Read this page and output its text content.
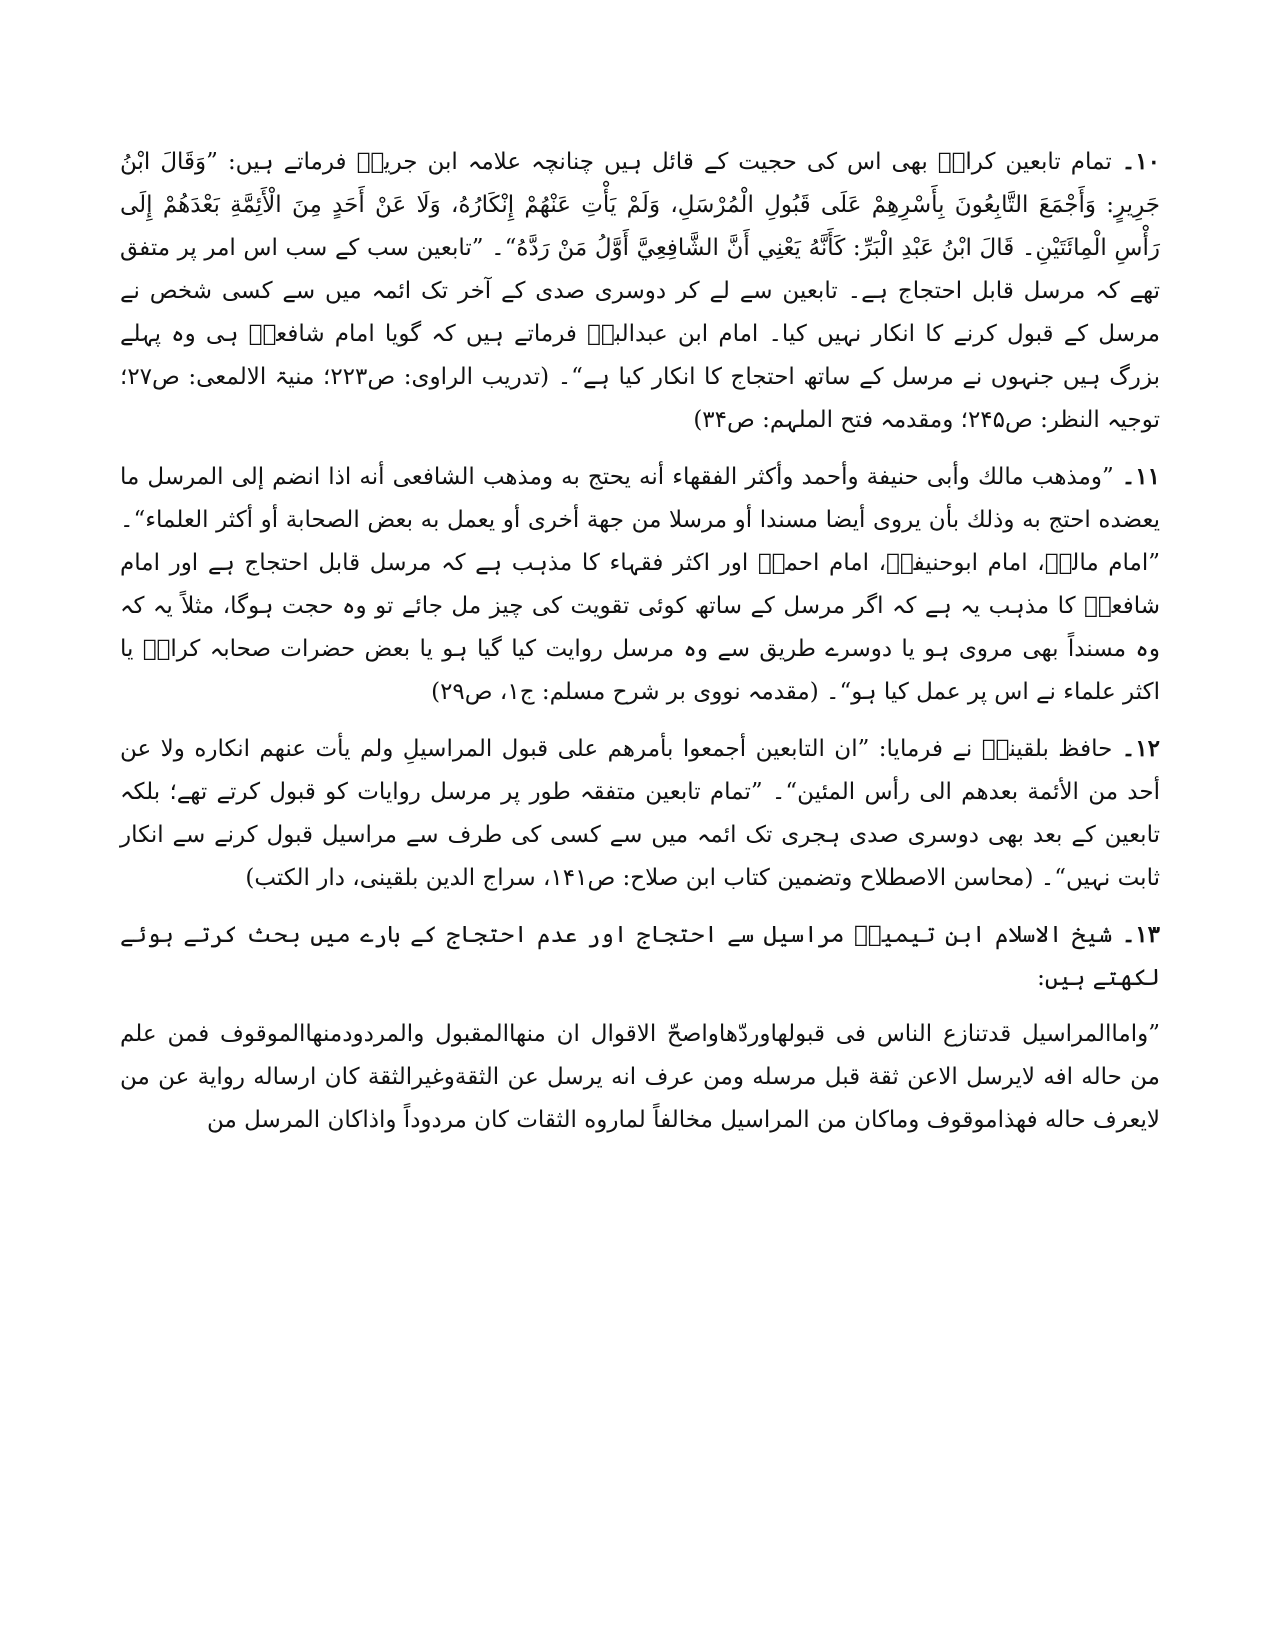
۱۰۔ تمام تابعین کرامؒ بھی اس کی حجیت کے قائل ہیں چنانچہ علامہ ابن جریرؒ فرماتے ہیں: ”وَقَالَ ابْنُ جَرِيرٍ: وَأَجْمَعَ التَّابِعُونَ بِأَسْرِهِمْ عَلَى قَبُولِ الْمُرْسَلِ، وَلَمْ يَأْتِ عَنْهُمْ إِنْكَارُهُ، وَلَا عَنْ أَحَدٍ مِنَ الْأَئِمَّةِ بَعْدَهُمْ إِلَى رَأْسِ الْمِائَتَيْنِ۔ قَالَ ابْنُ عَبْدِ الْبَرِّ: كَأَنَّهُ يَعْنِي أَنَّ الشَّافِعِيَّ أَوَّلُ مَنْ رَدَّهُ“۔ ”تابعین سب کے سب اس امر پر متفق تھے کہ مرسل قابل احتجاج ہے۔ تابعین سے لے کر دوسری صدی کے آخر تک ائمہ میں سے کسی شخص نے مرسل کے قبول کرنے کا انکار نہیں کیا۔ امام ابن عبدالبرؒ فرماتے ہیں کہ گویا امام شافعیؒ ہی وہ پہلے بزرگ ہیں جنہوں نے مرسل کے ساتھ احتجاج کا انکار کیا ہے“۔ (تدریب الراوی: ص۲۲۳؛ منیۃ الالمعی: ص۲۷؛ توجیہ النظر: ص۲۴۵؛ ومقدمہ فتح الملہم: ص۳۴)

۱۱۔ ”ومذهب مالك وأبى حنيفة وأحمد وأكثر الفقهاء أنه يحتج به ومذهب الشافعى أنه اذا انضم إلى المرسل ما يعضده احتج به وذلك بأن يروى أيضا مسندا أو مرسلا من جهة أخرى أو يعمل به بعض الصحابة أو أكثر العلماء“۔ ”امام مالکؒ، امام ابوحنیفہؒ، امام احمدؒ اور اکثر فقہاء کا مذہب ہے کہ مرسل قابل احتجاج ہے اور امام شافعیؒ کا مذہب یہ ہے کہ اگر مرسل کے ساتھ کوئی تقویت کی چیز مل جائے تو وہ حجت ہوگا، مثلاً یہ کہ وہ مسنداً بھی مروی ہو یا دوسرے طریق سے وہ مرسل روایت کیا گیا ہو یا بعض حضرات صحابہ کرامؓ یا اکثر علماء نے اس پر عمل کیا ہو“۔ (مقدمہ نووی بر شرح مسلم: ج۱، ص۲۹)

۱۲۔ حافظ بلقینیؒ نے فرمایا: ”ان التابعين أجمعوا بأمرهم على قبول المراسيلِ ولم يأت عنهم انكاره ولا عن أحد من الأئمة بعدهم الى رأس المئين“۔ ”تمام تابعین متفقہ طور پر مرسل روایات کو قبول کرتے تھے؛ بلکہ تابعین کے بعد بھی دوسری صدی ہجری تک ائمہ میں سے کسی کی طرف سے مراسیل قبول کرنے سے انکار ثابت نہیں“۔ (محاسن الاصطلاح وتضمین کتاب ابن صلاح: ص۱۴۱، سراج الدین بلقینی، دار الکتب)

۱۳۔ شیخ الاسلام ابن تیمیہؒ مراسیل سے احتجاج اور عدم احتجاج کے بارے میں بحث کرتے ہوئے لکھتے ہیں:

”واماالمراسيل قدتنازع الناس فى قبولهاوردّهاواصحّ الاقوال ان منهاالمقبول والمردودمنهاالموقوف فمن علم من حاله افه لايرسل الاعن ثقة قبل مرسله ومن عرف انه يرسل عن الثقةوغيرالثقة كان ارساله رواية عن من لايعرف حاله فهذاموقوف وماكان من المراسيل مخالفاً لماروه الثقات كان مردوداً واذاكان المرسل من
